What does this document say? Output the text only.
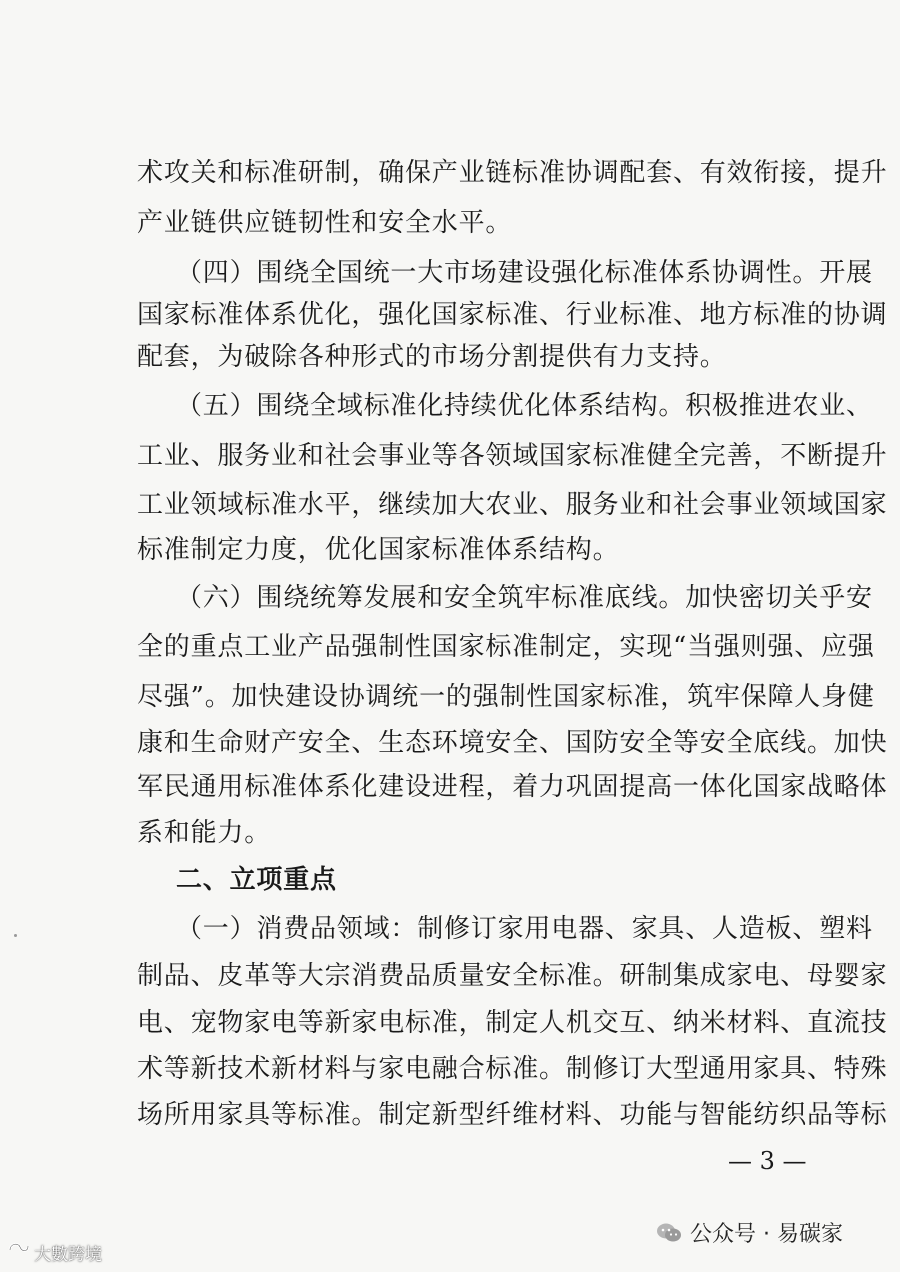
术攻关和标准研制，确保产业链标准协调配套、有效衔接，提升
产业链供应链韧性和安全水平。
（四）围绕全国统一大市场建设强化标准体系协调性。开展
国家标准体系优化，强化国家标准、行业标准、地方标准的协调
配套，为破除各种形式的市场分割提供有力支持。
（五）围绕全域标准化持续优化体系结构。积极推进农业、
工业、服务业和社会事业等各领域国家标准健全完善，不断提升
工业领域标准水平，继续加大农业、服务业和社会事业领域国家
标准制定力度，优化国家标准体系结构。
（六）围绕统筹发展和安全筑牢标准底线。加快密切关乎安
全的重点工业产品强制性国家标准制定，实现“当强则强、应强
尽强”。加快建设协调统一的强制性国家标准，筑牢保障人身健
康和生命财产安全、生态环境安全、国防安全等安全底线。加快
军民通用标准体系化建设进程，着力巩固提高一体化国家战略体
系和能力。
二、立项重点
（一）消费品领域：制修订家用电器、家具、人造板、塑料
制品、皮革等大宗消费品质量安全标准。研制集成家电、母婴家
电、宠物家电等新家电标准，制定人机交互、纳米材料、直流技
术等新技术新材料与家电融合标准。制修订大型通用家具、特殊
场所用家具等标准。制定新型纤维材料、功能与智能纺织品等标
— 3 —
公众号 · 易碳家
大數跨境
